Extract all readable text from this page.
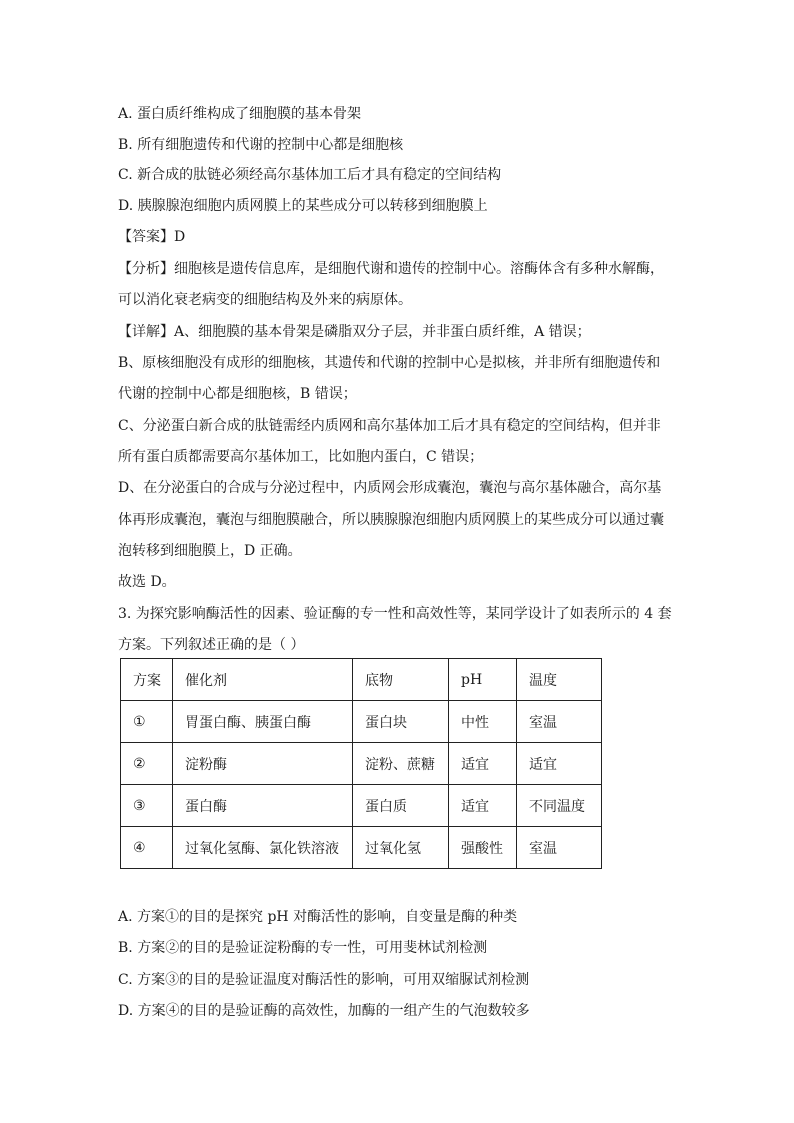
A. 蛋白质纤维构成了细胞膜的基本骨架
B. 所有细胞遗传和代谢的控制中心都是细胞核
C. 新合成的肽链必须经高尔基体加工后才具有稳定的空间结构
D. 胰腺腺泡细胞内质网膜上的某些成分可以转移到细胞膜上
【答案】D
【分析】细胞核是遗传信息库，是细胞代谢和遗传的控制中心。溶酶体含有多种水解酶，
可以消化衰老病变的细胞结构及外来的病原体。
【详解】A、细胞膜的基本骨架是磷脂双分子层，并非蛋白质纤维，A 错误；
B、原核细胞没有成形的细胞核，其遗传和代谢的控制中心是拟核，并非所有细胞遗传和
代谢的控制中心都是细胞核，B 错误；
C、分泌蛋白新合成的肽链需经内质网和高尔基体加工后才具有稳定的空间结构，但并非
所有蛋白质都需要高尔基体加工，比如胞内蛋白，C 错误；
D、在分泌蛋白的合成与分泌过程中，内质网会形成囊泡，囊泡与高尔基体融合，高尔基
体再形成囊泡，囊泡与细胞膜融合，所以胰腺腺泡细胞内质网膜上的某些成分可以通过囊
泡转移到细胞膜上，D 正确。
故选 D。
3. 为探究影响酶活性的因素、验证酶的专一性和高效性等，某同学设计了如表所示的 4 套
方案。下列叙述正确的是（ ）
方案	催化剂	底物	pH	温度
①	胃蛋白酶、胰蛋白酶	蛋白块	中性	室温
②	淀粉酶	淀粉、蔗糖	适宜	适宜
③	蛋白酶	蛋白质	适宜	不同温度
④	过氧化氢酶、氯化铁溶液	过氧化氢	强酸性	室温
A. 方案①的目的是探究 pH 对酶活性的影响，自变量是酶的种类
B. 方案②的目的是验证淀粉酶的专一性，可用斐林试剂检测
C. 方案③的目的是验证温度对酶活性的影响，可用双缩脲试剂检测
D. 方案④的目的是验证酶的高效性，加酶的一组产生的气泡数较多
